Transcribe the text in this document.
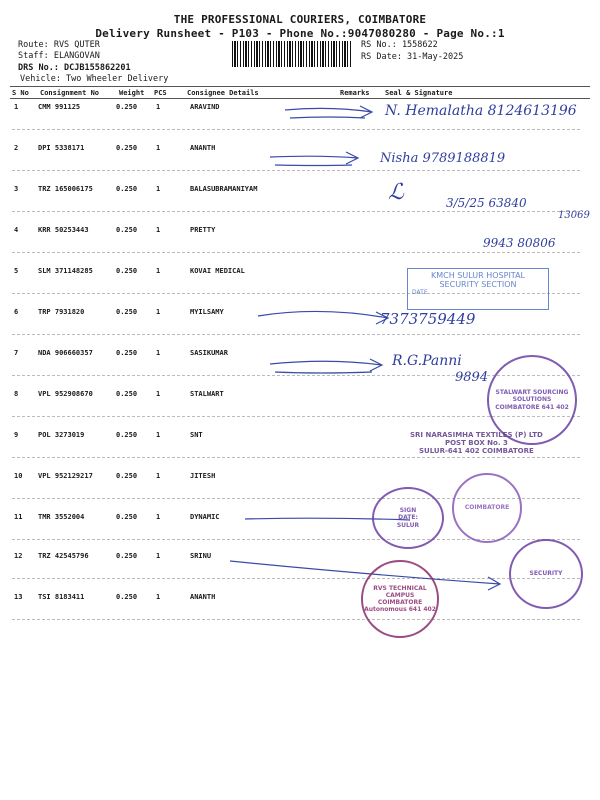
THE PROFESSIONAL COURIERS, COIMBATORE
Delivery Runsheet - P103 - Phone No.:9047080280 - Page No.:1
Route: RVS QUTER
Staff: ELANGOVAN
DRS No.: DCJB155862201
Vehicle: Two Wheeler Delivery
RS No.: 1558622
RS Date: 31-May-2025
S No Consignment No	Weight PCS	Consignee Details	Remarks Seal & Signature
1	CMM 991125	0.250	1	ARAVIND
2	DPI 5338171	0.250	1	ANANTH
3	TRZ 165006175	0.250	1	BALASUBRAMANIYAM
4	KRR 50253443	0.250	1	PRETTY
5	SLM 371148285	0.250	1	KOVAI MEDICAL
6	TRP 7931820	0.250	1	MYILSAMY
7	NDA 906660357	0.250	1	SASIKUMAR
8	VPL 952908670	0.250	1	STALWART
9	POL 3273019	0.250	1	SNT
10 VPL 952129217	0.250	1	JITESH
11 TMR 3552004	0.250	1	DYNAMIC
12 TRZ 42545796	0.250	1	SRINU
13 TSI 8183411	0.250	1	ANANTH
N. Hemalatha 8124613196
Nisha 9789188819
ℒ	3/5/25 63840
13069
9943 80806
7373759449
R.G.Panni
9894
KMCH SULUR HOSPITAL
SECURITY SECTION
DATE
STALWART SOURCING SOLUTIONS
COIMBATORE 641 402
SRI NARASIMHA TEXTILES (P) LTD
POST BOX No. 3
SULUR-641 402 COIMBATORE
SIGN
DATE:
SULUR
COIMBATORE
SECURITY
RVS TECHNICAL CAMPUS COIMBATORE
Autonomous 641 402
